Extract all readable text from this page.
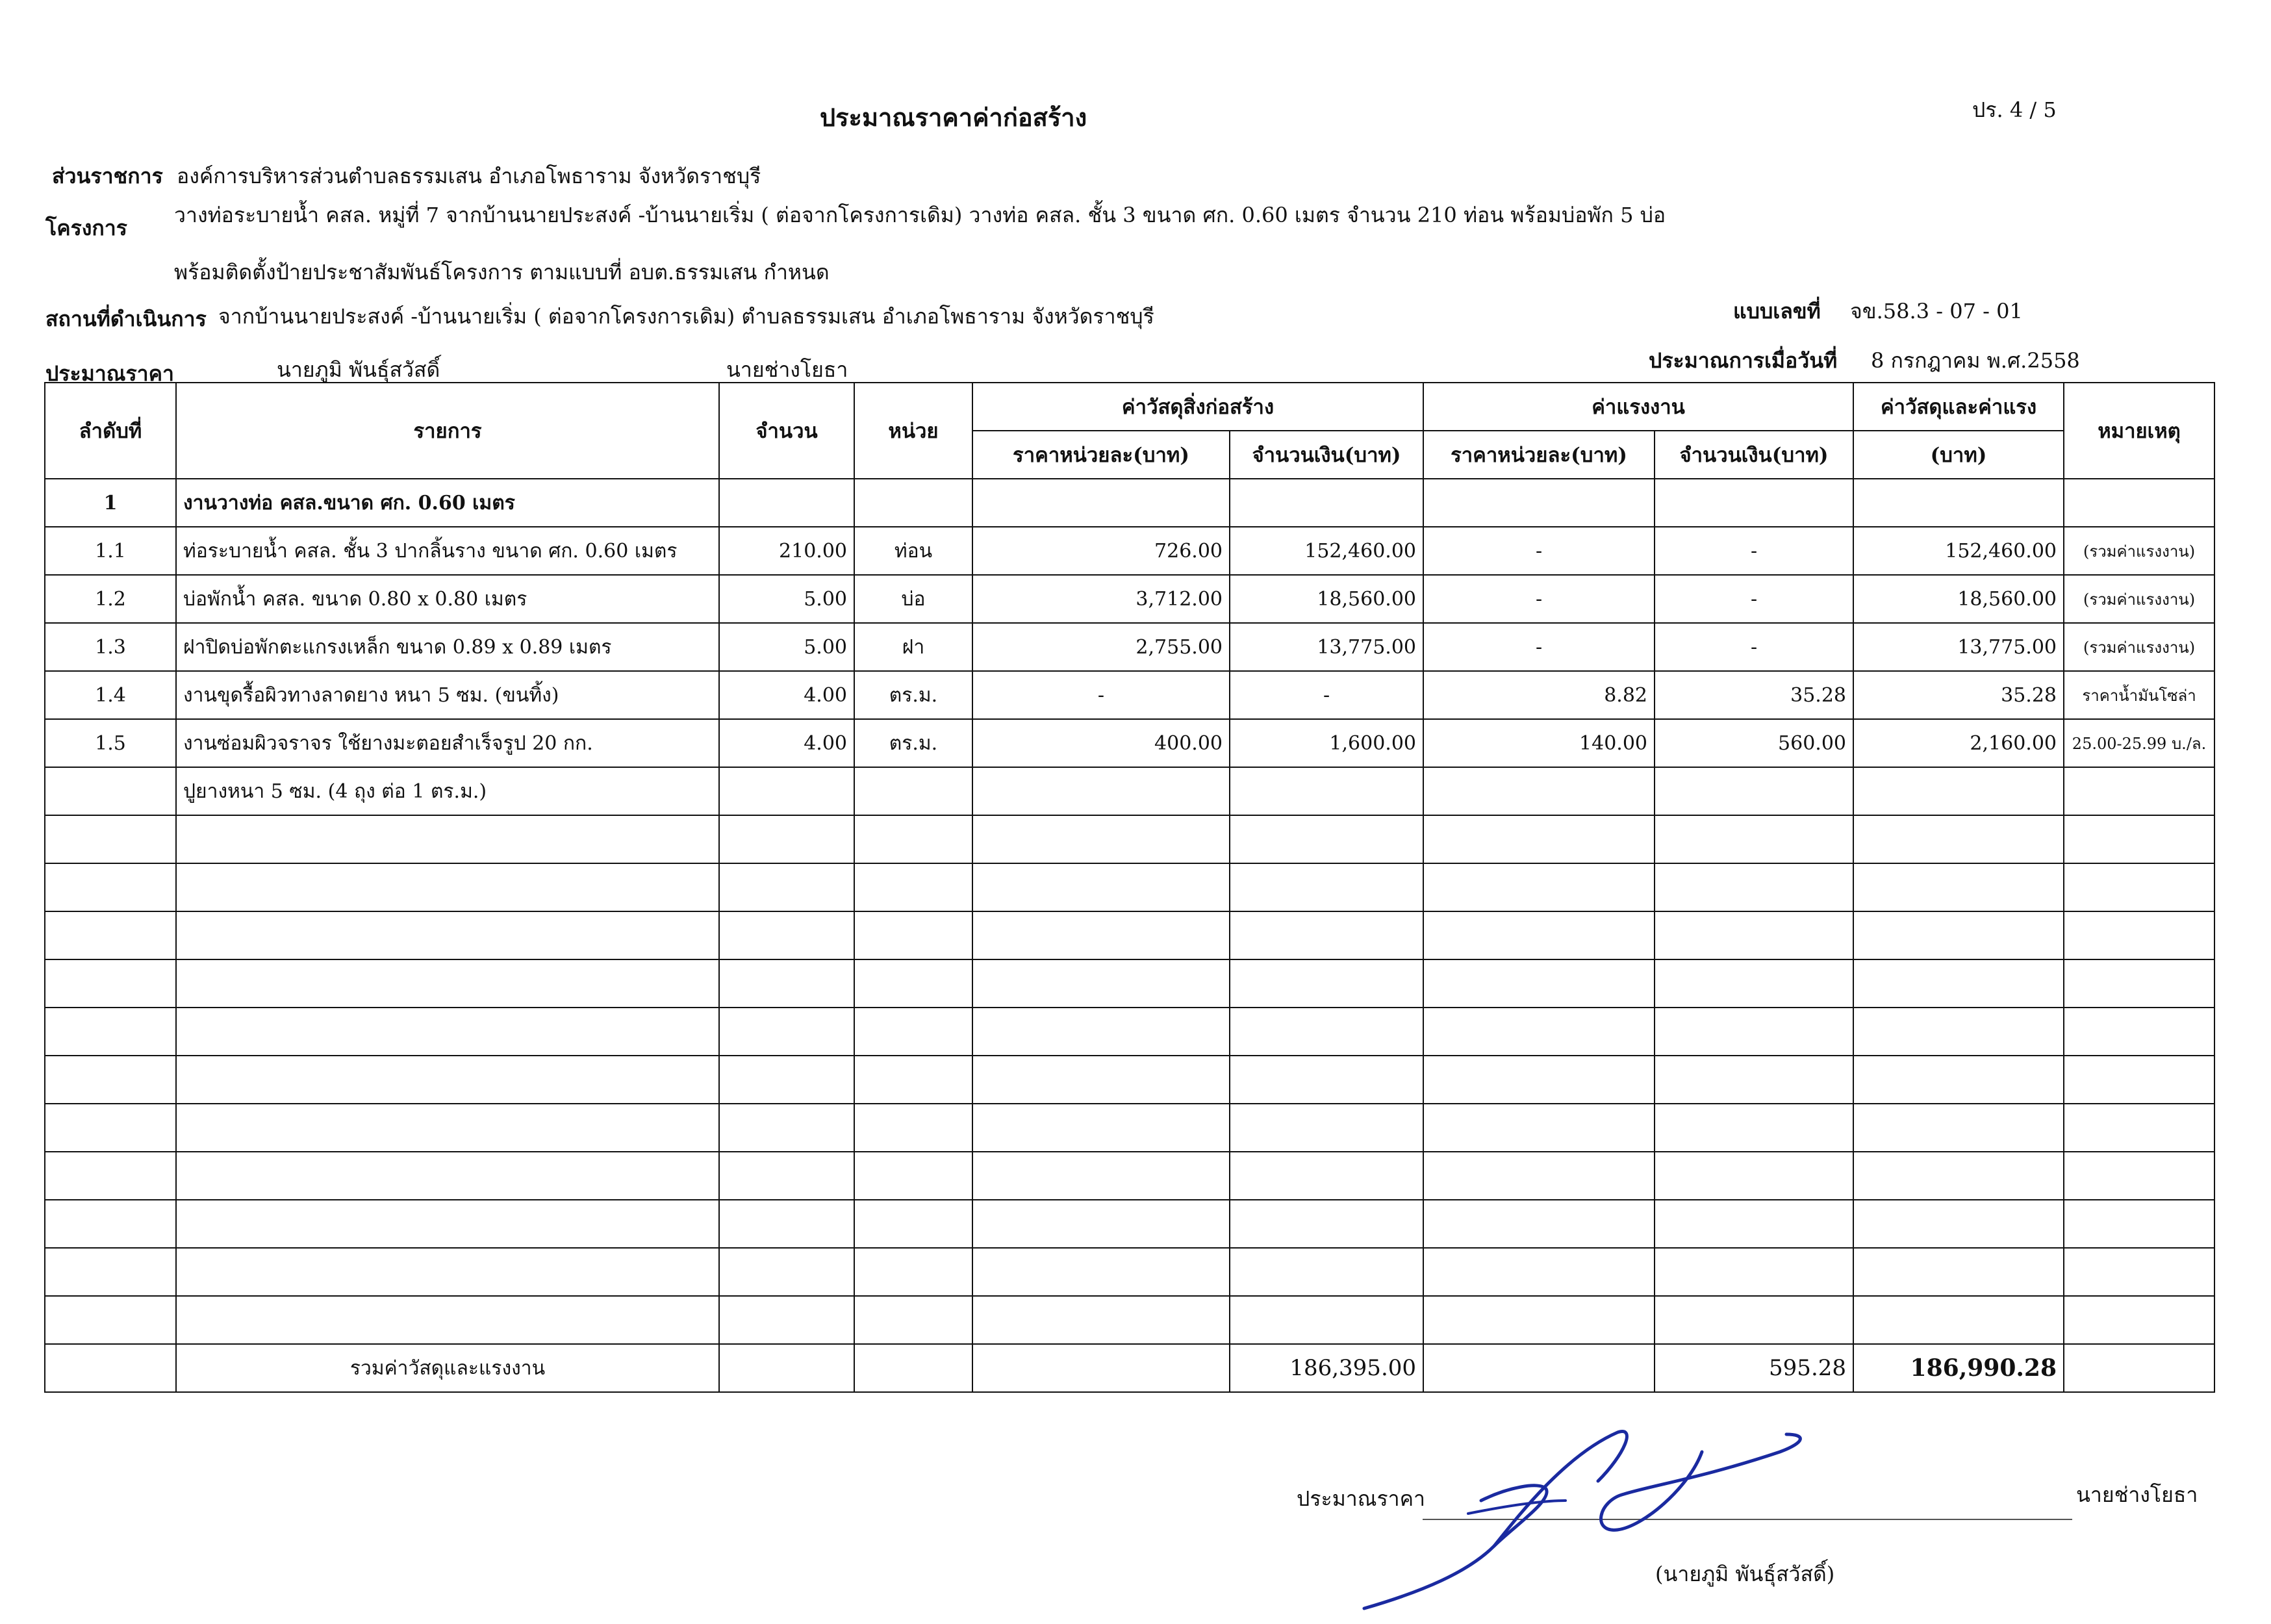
ประมาณราคาค่าก่อสร้าง	ปร. 4 / 5
ส่วนราชการ องค์การบริหารส่วนตำบลธรรมเสน อำเภอโพธาราม จังหวัดราชบุรี
โครงการ
วางท่อระบายน้ำ คสล. หมู่ที่ 7 จากบ้านนายประสงค์ -บ้านนายเริ่ม ( ต่อจากโครงการเดิม) วางท่อ คสล. ชั้น 3 ขนาด ศก. 0.60 เมตร จำนวน 210 ท่อน พร้อมบ่อพัก 5 บ่อ
พร้อมติดตั้งป้ายประชาสัมพันธ์โครงการ ตามแบบที่ อบต.ธรรมเสน กำหนด
สถานที่ดำเนินการ จากบ้านนายประสงค์ -บ้านนายเริ่ม ( ต่อจากโครงการเดิม) ตำบลธรรมเสน อำเภอโพธาราม จังหวัดราชบุรี	แบบเลขที่ จข.58.3 - 07 - 01
ประมาณราคา	นายภูมิ พันธุ์สวัสดิ์	นายช่างโยธา	ประมาณการเมื่อวันที่ 8 กรกฎาคม พ.ศ.2558
ลำดับที่	รายการ	จำนวน	หน่วย	ค่าวัสดุสิ่งก่อสร้าง		ค่าแรงงาน		ค่าวัสดุและค่าแรง	หมายเหตุ
				ราคาหน่วยละ(บาท)	จำนวนเงิน(บาท)	ราคาหน่วยละ(บาท)	จำนวนเงิน(บาท)	(บาท)	
1	งานวางท่อ คสล.ขนาด ศก. 0.60 เมตร								
1.1	ท่อระบายน้ำ คสล. ชั้น 3 ปากลิ้นราง ขนาด ศก. 0.60 เมตร	210.00	ท่อน	726.00	152,460.00	-	-	152,460.00	(รวมค่าแรงงาน)
1.2	บ่อพักน้ำ คสล. ขนาด 0.80 x 0.80 เมตร	5.00	บ่อ	3,712.00	18,560.00	-	-	18,560.00	(รวมค่าแรงงาน)
1.3	ฝาปิดบ่อพักตะแกรงเหล็ก ขนาด 0.89 x 0.89 เมตร	5.00	ฝา	2,755.00	13,775.00	-	-	13,775.00	(รวมค่าแรงงาน)
1.4	งานขุดรื้อผิวทางลาดยาง หนา 5 ซม. (ขนทิ้ง)	4.00	ตร.ม.	-	-	8.82	35.28	35.28	ราคาน้ำมันโซล่า
1.5	งานซ่อมผิวจราจร ใช้ยางมะตอยสำเร็จรูป 20 กก.	4.00	ตร.ม.	400.00	1,600.00	140.00	560.00	2,160.00	25.00-25.99 บ./ล.
	ปูยางหนา 5 ซม. (4 ถุง ต่อ 1 ตร.ม.)								

	รวมค่าวัสดุและแรงงาน				186,395.00		595.28	186,990.28	
ประมาณราคา	นายช่างโยธา
(นายภูมิ พันธุ์สวัสดิ์)
